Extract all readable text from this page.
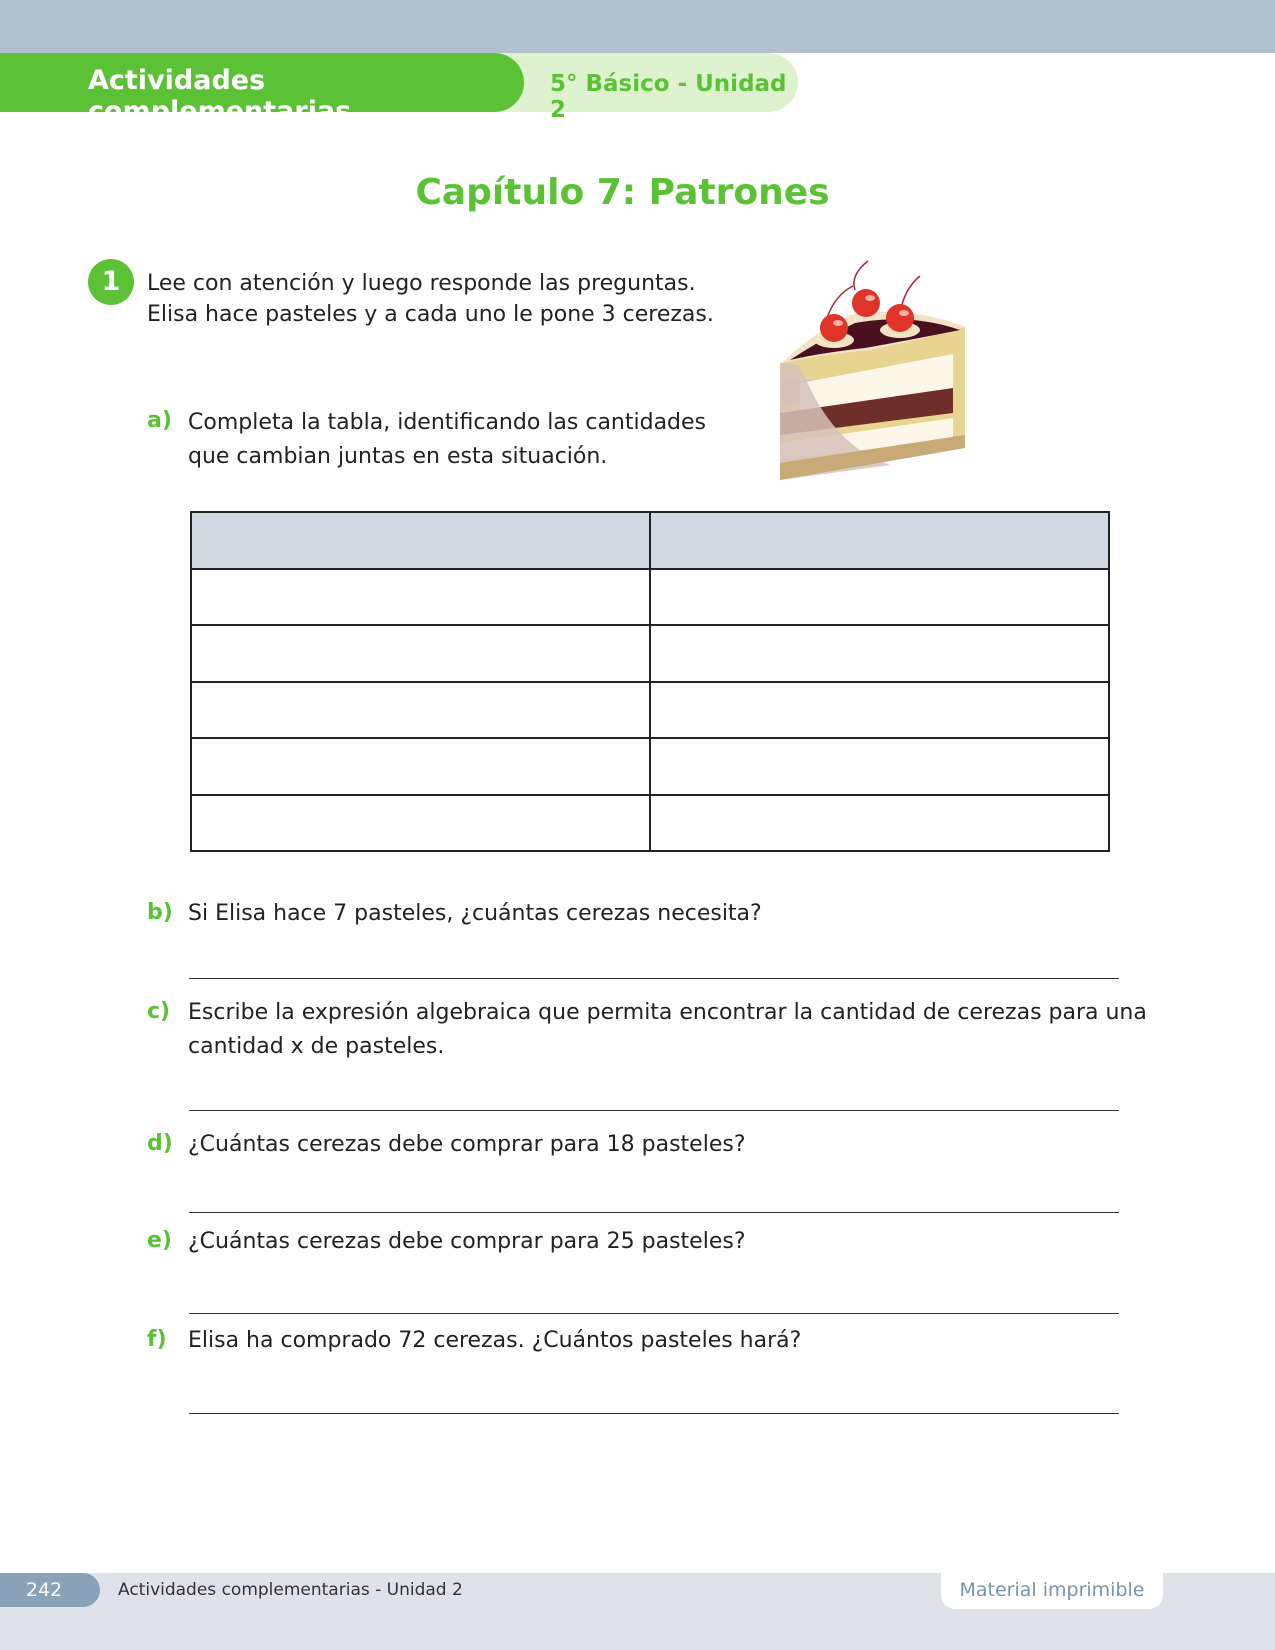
5° Básico - Unidad 2
Actividades complementarias
Capítulo 7: Patrones
1	Lee con atención y luego responde las preguntas.
Elisa hace pasteles y a cada uno le pone 3 cerezas.
a) Completa la tabla, identificando las cantidades
que cambian juntas en esta situación.

b) Si Elisa hace 7 pasteles, ¿cuántas cerezas necesita?
c) Escribe la expresión algebraica que permita encontrar la cantidad de cerezas para una
cantidad x de pasteles.
d) ¿Cuántas cerezas debe comprar para 18 pasteles?
e) ¿Cuántas cerezas debe comprar para 25 pasteles?
f) Elisa ha comprado 72 cerezas. ¿Cuántos pasteles hará?
242	Actividades complementarias - Unidad 2	Material imprimible
